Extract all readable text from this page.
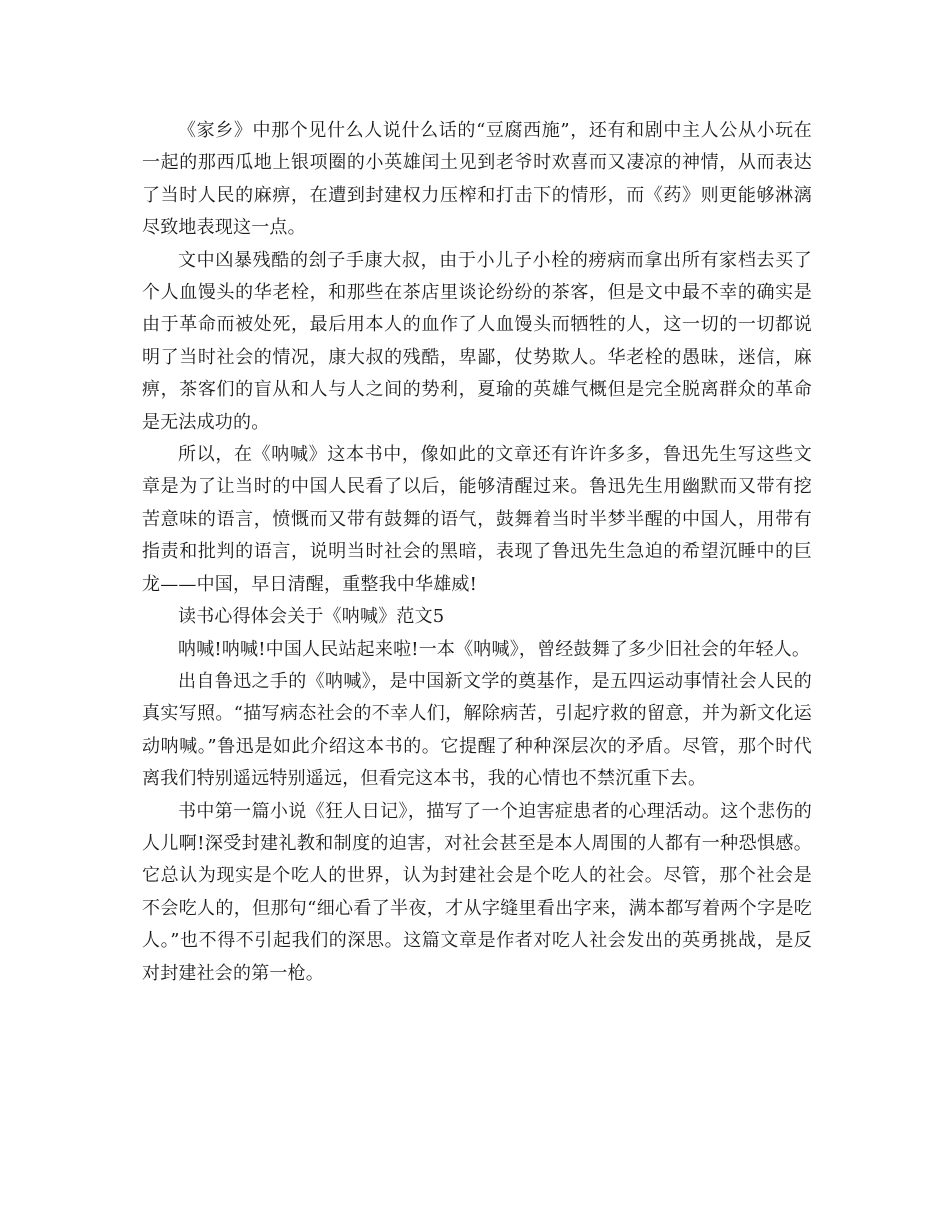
《家乡》中那个见什么人说什么话的“豆腐西施”，还有和剧中主人公从小玩在一起的那西瓜地上银项圈的小英雄闰土见到老爷时欢喜而又凄凉的神情，从而表达了当时人民的麻痹，在遭到封建权力压榨和打击下的情形，而《药》则更能够淋漓尽致地表现这一点。

文中凶暴残酷的刽子手康大叔，由于小儿子小栓的痨病而拿出所有家档去买了个人血馒头的华老栓，和那些在茶店里谈论纷纷的茶客，但是文中最不幸的确实是由于革命而被处死，最后用本人的血作了人血馒头而牺牲的人，这一切的一切都说明了当时社会的情况，康大叔的残酷，卑鄙，仗势欺人。华老栓的愚昧，迷信，麻痹，茶客们的盲从和人与人之间的势利，夏瑜的英雄气概但是完全脱离群众的革命是无法成功的。

所以，在《呐喊》这本书中，像如此的文章还有许许多多，鲁迅先生写这些文章是为了让当时的中国人民看了以后，能够清醒过来。鲁迅先生用幽默而又带有挖苦意味的语言，愤慨而又带有鼓舞的语气，鼓舞着当时半梦半醒的中国人，用带有指责和批判的语言，说明当时社会的黑暗，表现了鲁迅先生急迫的希望沉睡中的巨龙——中国，早日清醒，重整我中华雄威!

读书心得体会关于《呐喊》范文5

呐喊!呐喊!中国人民站起来啦!一本《呐喊》，曾经鼓舞了多少旧社会的年轻人。

出自鲁迅之手的《呐喊》，是中国新文学的奠基作，是五四运动事情社会人民的真实写照。“描写病态社会的不幸人们，解除病苦，引起疗救的留意，并为新文化运动呐喊。”鲁迅是如此介绍这本书的。它提醒了种种深层次的矛盾。尽管，那个时代离我们特别遥远特别遥远，但看完这本书，我的心情也不禁沉重下去。

书中第一篇小说《狂人日记》，描写了一个迫害症患者的心理活动。这个悲伤的人儿啊!深受封建礼教和制度的迫害，对社会甚至是本人周围的人都有一种恐惧感。它总认为现实是个吃人的世界，认为封建社会是个吃人的社会。尽管，那个社会是不会吃人的，但那句“细心看了半夜，才从字缝里看出字来，满本都写着两个字是吃人。”也不得不引起我们的深思。这篇文章是作者对吃人社会发出的英勇挑战，是反对封建社会的第一枪。
